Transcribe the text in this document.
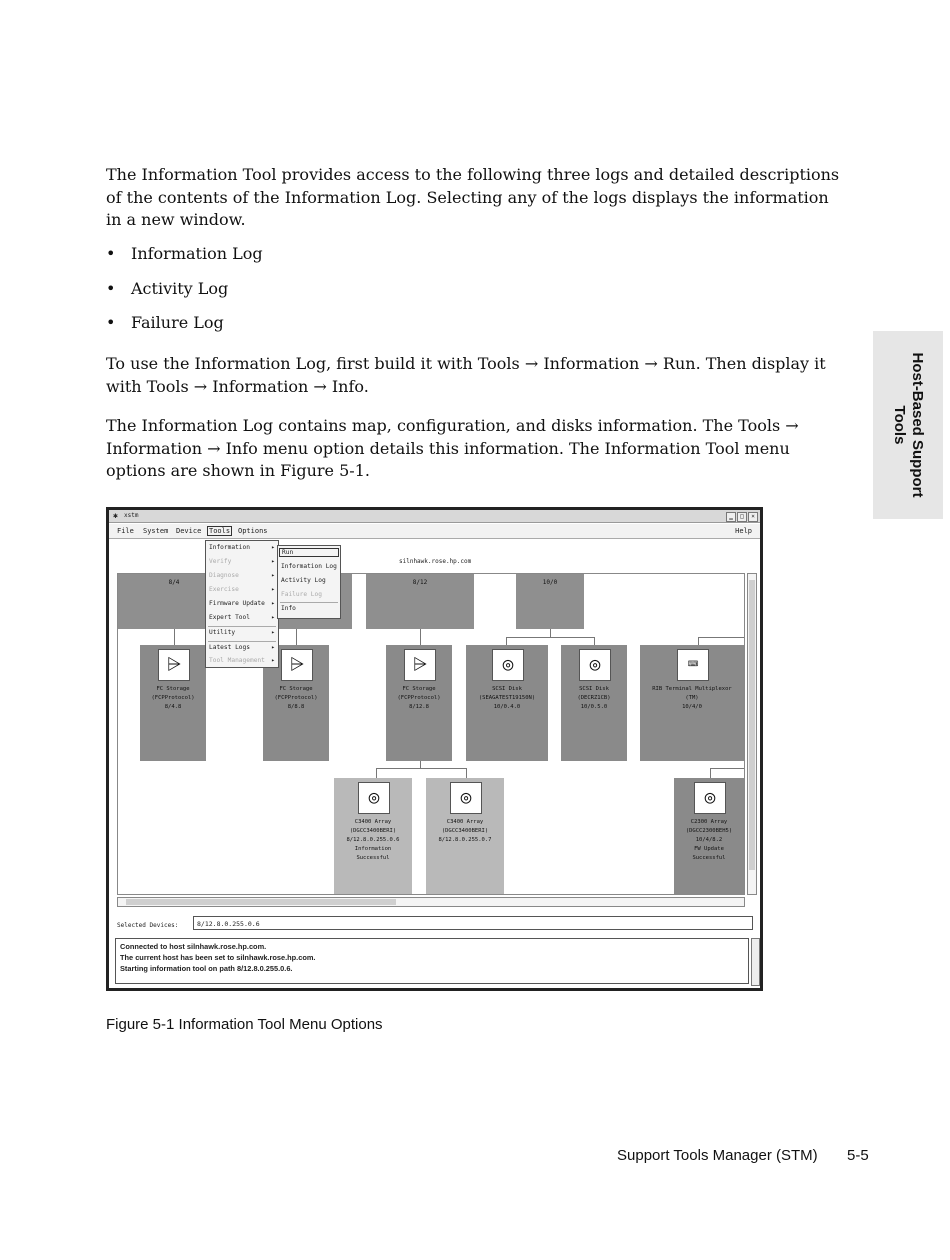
Host-Based Support
Tools
The Information Tool provides access to the following three logs and detailed descriptions of the contents of the Information Log. Selecting any of the logs displays the information in a new window.
• Information Log
• Activity Log
• Failure Log
To use the Information Log, first build it with Tools → Information → Run. Then display it with Tools → Information → Info.
The Information Log contains map, configuration, and disks information. The Tools → Information → Info menu option details this information. The Information Tool menu options are shown in Figure 5-1.
✱	xstm	▁	□	×
File System Device Tools Options	Help
silnhawk.rose.hp.com
8/4	8/12	10/0
⩥
FC Storage
(FCPProtocol)
8/4.8
⩥
FC Storage
(FCPProtocol)
8/8.8
⩥
FC Storage
(FCPProtocol)
8/12.8
◎
SCSI Disk
(SEAGATEST19150N)
10/0.4.0
◎
SCSI Disk
(DECRZ1CB)
10/0.5.0
⌨
RIB Terminal Multiplexor
(TM)
10/4/0
◎
C3400 Array
(DGCC3400BERI)
8/12.8.0.255.0.6
Information
Successful
◎
C3400 Array
(DGCC3400BERI)
8/12.8.0.255.0.7
◎
C2300 Array
(DGCC2300BEH5)
10/4/8.2
FW Update
Successful
Information	▸
Verify	▸
Diagnose	▸
Exercise	▸
Firmware Update ▸
Expert Tool	▸
Utility	▸
Latest Logs	▸
Tool Management ▸
Run
Information Log
Activity Log
Failure Log
Info
Selected Devices:	8/12.8.0.255.0.6
Connected to host silnhawk.rose.hp.com.
The current host has been set to silnhawk.rose.hp.com.
Starting information tool on path 8/12.8.0.255.0.6.
Figure 5-1 Information Tool Menu Options
Support Tools Manager (STM) 5-5
